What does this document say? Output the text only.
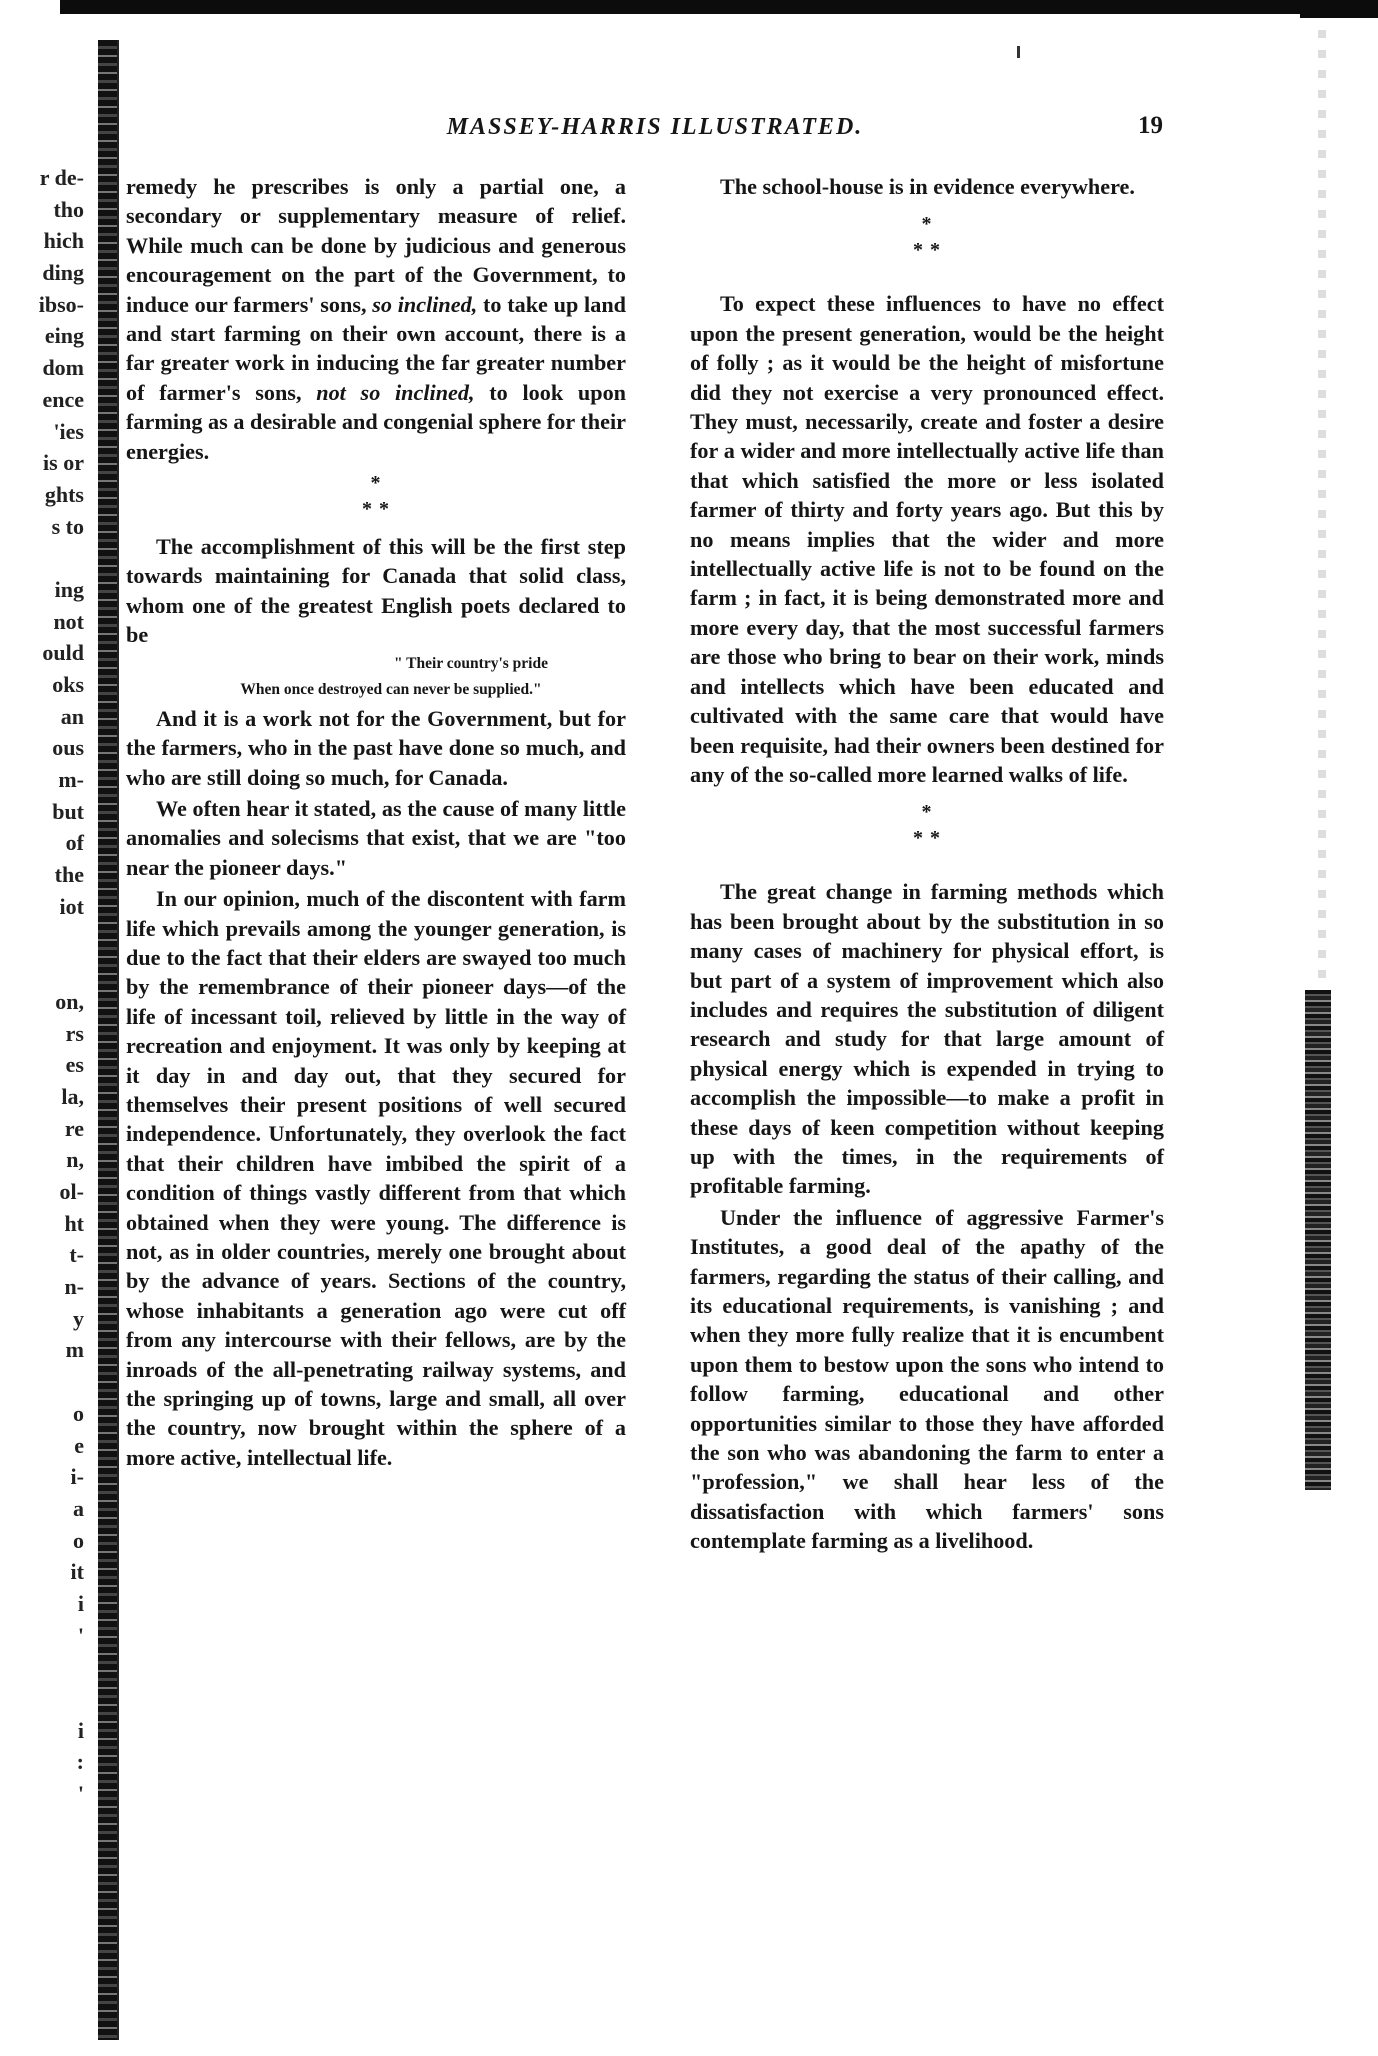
r de-
tho
hich
ding
ibso-
eing
dom
ence
'ies
is or
ghts
s to
ing
not
ould
oks
an
ous
m-
but
of
the
iot
on,
rs
es
la,
re
n,
ol-
ht
t-
n-
y
m
o
e
i-
a
o
it
i
'
i
:
'
MASSEY-HARRIS ILLUSTRATED.	19

remedy he prescribes is only a partial one, a secondary or supplementary measure of relief. While much can be done by judicious and generous encouragement on the part of the Government, to induce our farmers' sons, so inclined, to take up land and start farming on their own account, there is a far greater work in inducing the far greater number of farmer's sons, not so inclined, to look upon farming as a desirable and congenial sphere for their energies.

*
* *

The accomplishment of this will be the first step towards maintaining for Canada that solid class, whom one of the greatest English poets declared to be

" Their country's pride

When once destroyed can never be supplied."

And it is a work not for the Government, but for the farmers, who in the past have done so much, and who are still doing so much, for Canada.

We often hear it stated, as the cause of many little anomalies and solecisms that exist, that we are "too near the pioneer days."

In our opinion, much of the discontent with farm life which prevails among the younger generation, is due to the fact that their elders are swayed too much by the remembrance of their pioneer days—of the life of incessant toil, relieved by little in the way of recreation and enjoyment. It was only by keeping at it day in and day out, that they secured for themselves their present positions of well secured independence. Unfortunately, they overlook the fact that their children have imbibed the spirit of a condition of things vastly different from that which obtained when they were young. The difference is not, as in older countries, merely one brought about by the advance of years. Sections of the country, whose inhabitants a generation ago were cut off from any intercourse with their fellows, are by the inroads of the all-penetrating railway systems, and the springing up of towns, large and small, all over the country, now brought within the sphere of a more active, intellectual life.

The school-house is in evidence everywhere.

*
* *

To expect these influences to have no effect upon the present generation, would be the height of folly ; as it would be the height of misfortune did they not exercise a very pronounced effect. They must, necessarily, create and foster a desire for a wider and more intellectually active life than that which satisfied the more or less isolated farmer of thirty and forty years ago. But this by no means implies that the wider and more intellectually active life is not to be found on the farm ; in fact, it is being demonstrated more and more every day, that the most successful farmers are those who bring to bear on their work, minds and intellects which have been educated and cultivated with the same care that would have been requisite, had their owners been destined for any of the so-called more learned walks of life.

*
* *

The great change in farming methods which has been brought about by the substitution in so many cases of machinery for physical effort, is but part of a system of improvement which also includes and requires the substitution of diligent research and study for that large amount of physical energy which is expended in trying to accomplish the impossible—to make a profit in these days of keen competition without keeping up with the times, in the requirements of profitable farming.

Under the influence of aggressive Farmer's Institutes, a good deal of the apathy of the farmers, regarding the status of their calling, and its educational requirements, is vanishing ; and when they more fully realize that it is encumbent upon them to bestow upon the sons who intend to follow farming, educational and other opportunities similar to those they have afforded the son who was abandoning the farm to enter a "profession," we shall hear less of the dissatisfaction with which farmers' sons contemplate farming as a livelihood.
